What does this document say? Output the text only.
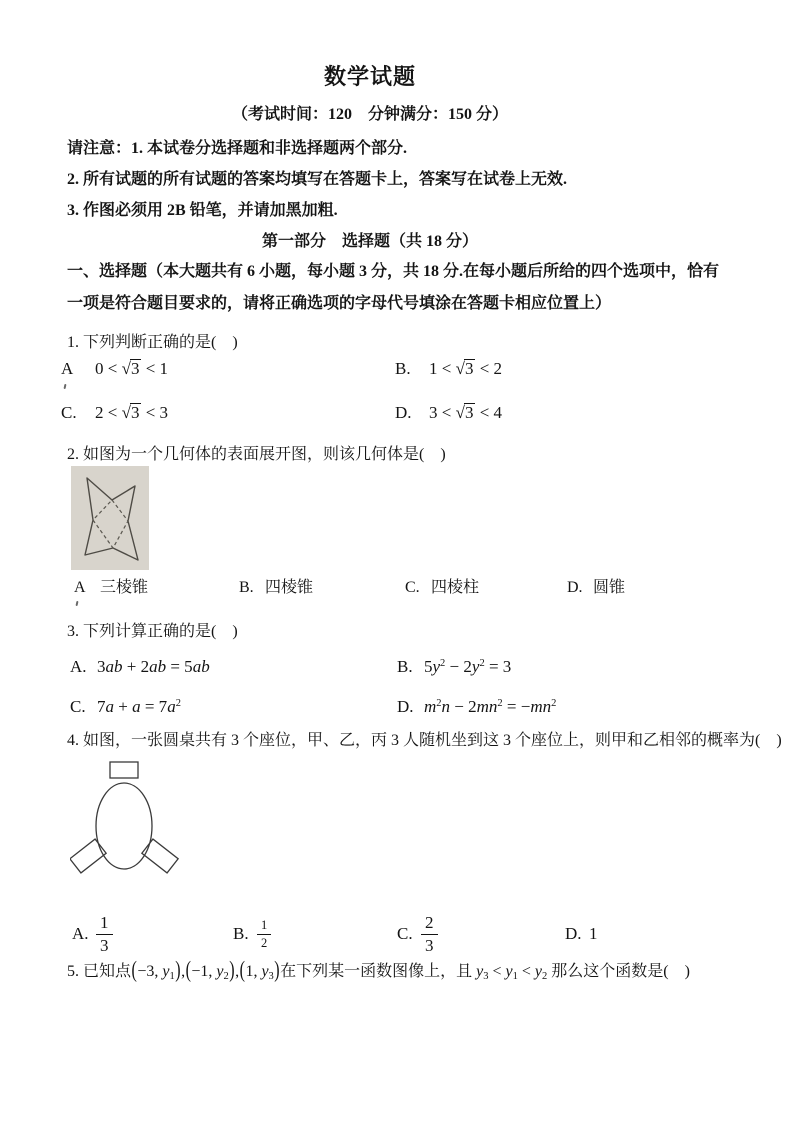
数学试题
（考试时间：120　分钟满分：150 分）
请注意：1. 本试卷分选择题和非选择题两个部分.
2. 所有试题的所有试题的答案均填写在答题卡上，答案写在试卷上无效.
3. 作图必须用 2B 铅笔，并请加黑加粗.
第一部分　选择题（共 18 分）
一、选择题（本大题共有 6 小题，每小题 3 分，共 18 分.在每小题后所给的四个选项中，恰有
一项是符合题目要求的，请将正确选项的字母代号填涂在答题卡相应位置上）
1. 下列判断正确的是(    )
A 0 < √3 < 1	B. 1 < √3 < 2
C. 2 < √3 < 3	D. 3 < √3 < 4
2. 如图为一个几何体的表面展开图，则该几何体是(    )
A 三棱锥	B. 四棱锥	C. 四棱柱	D. 圆锥
3. 下列计算正确的是(    )
A. 3ab + 2ab = 5ab	B. $5y^2 - 2y^2 = 3$
C. $7a + a = 7a^2$	D. $m^2n - 2mn^2 = -mn^2$
4. 如图，一张圆桌共有 3 个座位，甲、乙，丙 3 人随机坐到这 3 个座位上，则甲和乙相邻的概率为(    )
A. $\frac{1}{3}$	B. $\frac{1}{2}$	C. $\frac{2}{3}$	D. 1
5. 已知点(−3, $y_1),(-1$, $y_2),(1$, $y_3$)在下列某一函数图像上，且 $y_3 < y_1 < y_2$ 那么这个函数是(    )
